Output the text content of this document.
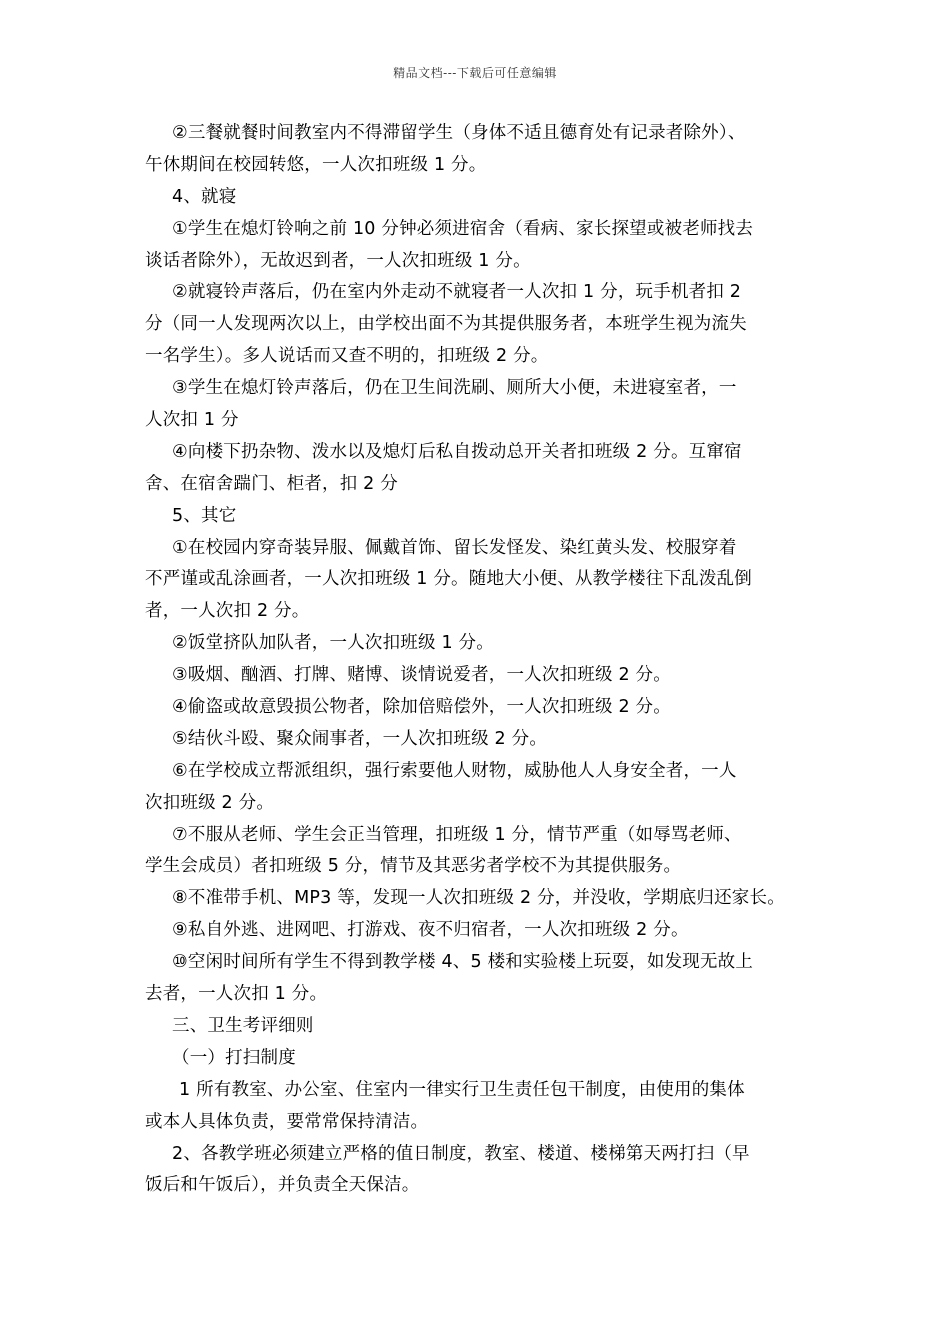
精品文档---下载后可任意编辑
②三餐就餐时间教室内不得滞留学生（身体不适且德育处有记录者除外）、
午休期间在校园转悠，一人次扣班级 1 分。
4、就寝
①学生在熄灯铃响之前 10 分钟必须进宿舍（看病、家长探望或被老师找去
谈话者除外），无故迟到者，一人次扣班级 1 分。
②就寝铃声落后，仍在室内外走动不就寝者一人次扣 1 分，玩手机者扣 2
分（同一人发现两次以上，由学校出面不为其提供服务者，本班学生视为流失
一名学生）。多人说话而又查不明的，扣班级 2 分。
③学生在熄灯铃声落后，仍在卫生间洗刷、厕所大小便，未进寝室者，一
人次扣 1 分
④向楼下扔杂物、泼水以及熄灯后私自拨动总开关者扣班级 2 分。互窜宿
舍、在宿舍踹门、柜者，扣 2 分
5、其它
①在校园内穿奇装异服、佩戴首饰、留长发怪发、染红黄头发、校服穿着
不严谨或乱涂画者，一人次扣班级 1 分。随地大小便、从教学楼往下乱泼乱倒
者，一人次扣 2 分。
②饭堂挤队加队者，一人次扣班级 1 分。
③吸烟、酗酒、打牌、赌博、谈情说爱者，一人次扣班级 2 分。
④偷盗或故意毁损公物者，除加倍赔偿外，一人次扣班级 2 分。
⑤结伙斗殴、聚众闹事者，一人次扣班级 2 分。
⑥在学校成立帮派组织，强行索要他人财物，威胁他人人身安全者，一人
次扣班级 2 分。
⑦不服从老师、学生会正当管理，扣班级 1 分，情节严重（如辱骂老师、
学生会成员）者扣班级 5 分，情节及其恶劣者学校不为其提供服务。
⑧不准带手机、MP3 等，发现一人次扣班级 2 分，并没收，学期底归还家长。
⑨私自外逃、进网吧、打游戏、夜不归宿者，一人次扣班级 2 分。
⑩空闲时间所有学生不得到教学楼 4、5 楼和实验楼上玩耍，如发现无故上
去者，一人次扣 1 分。
三、卫生考评细则
（一）打扫制度
1 所有教室、办公室、住室内一律实行卫生责任包干制度，由使用的集体
或本人具体负责，要常常保持清洁。
2、各教学班必须建立严格的值日制度，教室、楼道、楼梯第天两打扫（早
饭后和午饭后），并负责全天保洁。
